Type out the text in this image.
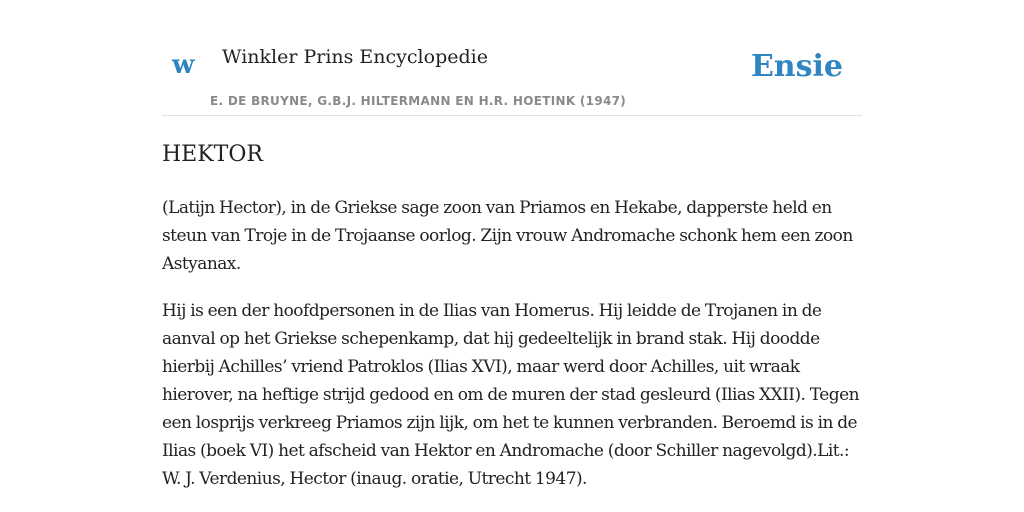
w Winkler Prins Encyclopedie	Ensie
E. DE BRUYNE, G.B.J. HILTERMANN EN H.R. HOETINK (1947)
HEKTOR

(Latijn Hector), in de Griekse sage zoon van Priamos en Hekabe, dapperste held en steun van Troje in de Trojaanse oorlog. Zijn vrouw Andromache schonk hem een zoon Astyanax.

Hij is een der hoofdpersonen in de Ilias van Homerus. Hij leidde de Trojanen in de aanval op het Griekse schepenkamp, dat hij gedeeltelijk in brand stak. Hij doodde hierbij Achilles’ vriend Patroklos (Ilias XVI), maar werd door Achilles, uit wraak hierover, na heftige strijd gedood en om de muren der stad gesleurd (Ilias XXII). Tegen een losprijs verkreeg Priamos zijn lijk, om het te kunnen verbranden. Beroemd is in de Ilias (boek VI) het afscheid van Hektor en Andromache (door Schiller nagevolgd).Lit.: W. J. Verdenius, Hector (inaug. oratie, Utrecht 1947).
